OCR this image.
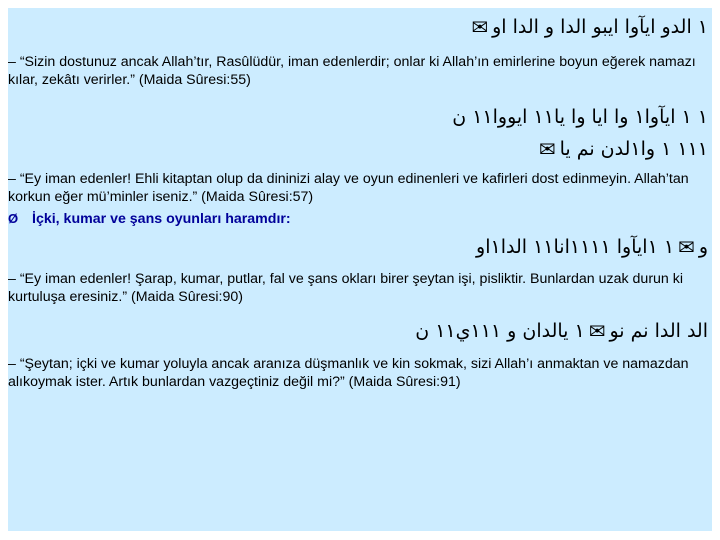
١ الدو ايآوا ايبو الدا و الدا او
✉
– “Sizin dostunuz ancak Allah’tır, Rasûlüdür, iman edenlerdir; onlar ki Allah’ın emirlerine boyun eğerek namazı kılar, zekâtı verirler.” (Maida Sûresi:55)
١ ١ ايآوا١ وا ايا وا يا١١ ايووا١١ ن
١١١ ١ وا١لدن نم يا
✉
– “Ey iman edenler! Ehli kitaptan olup da dininizi alay ve oyun edinenleri ve kafirleri dost edinmeyin. Allah’tan korkun eğer mü’minler iseniz.” (Maida Sûresi:57)
Ø İçki, kumar ve şans oyunları haramdır:
و
✉
١ ١ايآوا ١١١١انا١١ الدا١او
– “Ey iman edenler! Şarap, kumar, putlar, fal ve şans okları birer şeytan işi, pisliktir. Bunlardan uzak durun ki kurtuluşa eresiniz.” (Maida Sûresi:90)
الد الدا نم نو
✉
١ يالدان و ١١١ي١١ ن
– “Şeytan; içki ve kumar yoluyla ancak aranıza düşmanlık ve kin sokmak, sizi Allah’ı anmaktan ve namazdan alıkoymak ister. Artık bunlardan vazgeçtiniz değil mi?” (Maida Sûresi:91)
